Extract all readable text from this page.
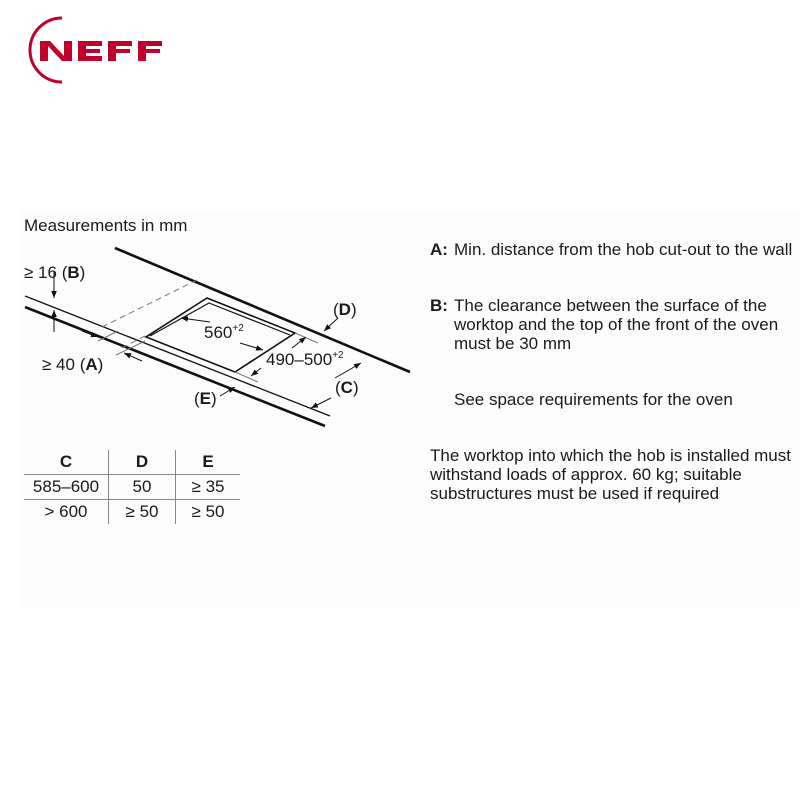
Measurements in mm
≥ 16 (B)
≥ 40 (A)
$560^{+2}$
$490-500^{+2}$
(D)
(C)
(E)
A: Min. distance from the hob cut-out to the wall
B: The clearance between the surface of the worktop and the top of the front of the oven must be 30 mm
See space requirements for the oven
C	D	E
585–600	50	≥ 35
> 600	≥ 50	≥ 50
The worktop into which the hob is installed must withstand loads of approx. 60 kg; suitable substructures must be used if required
